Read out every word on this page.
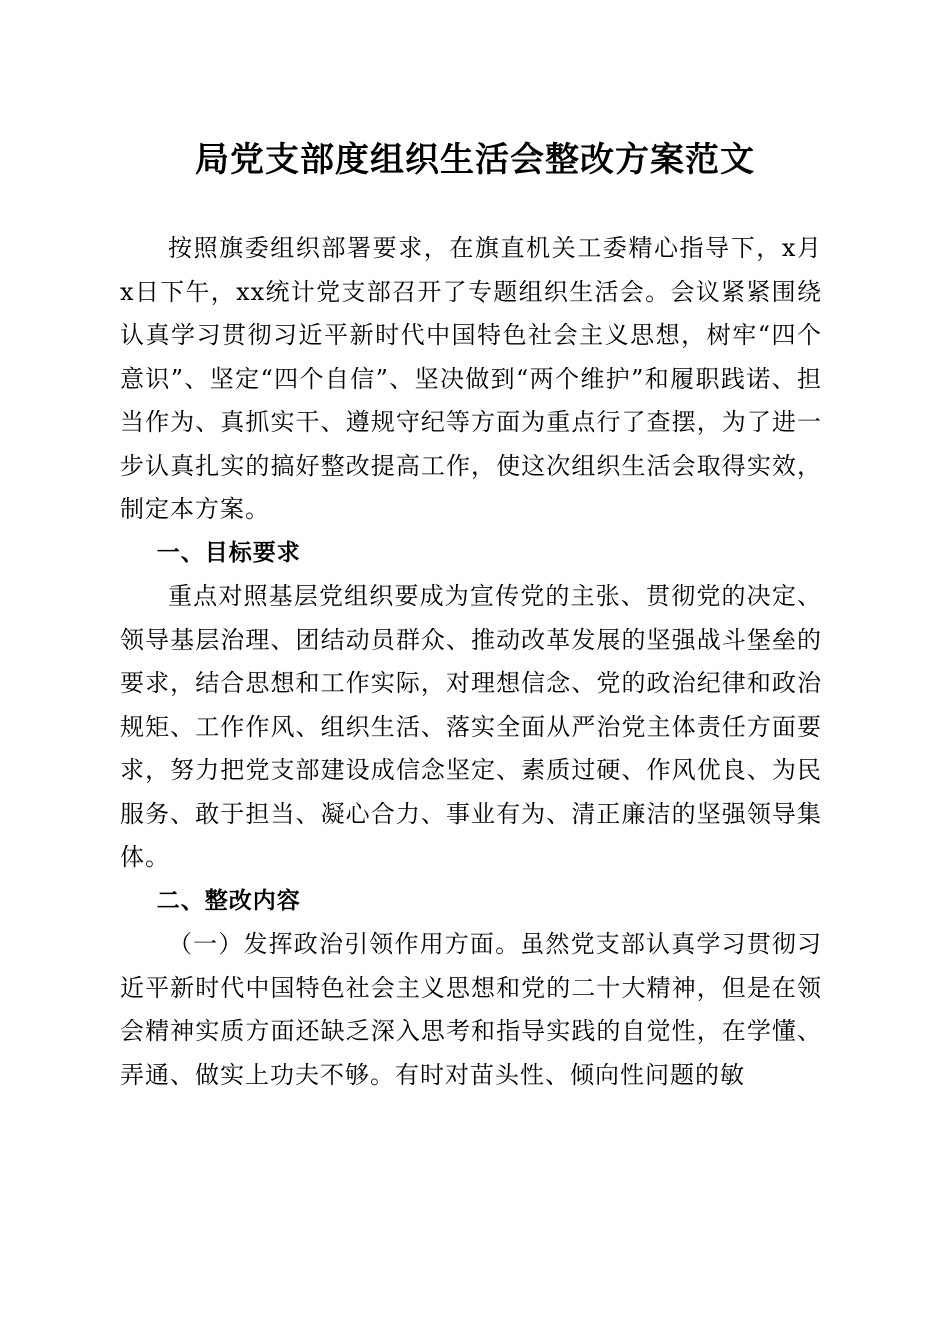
局党支部度组织生活会整改方案范文

按照旗委组织部署要求，在旗直机关工委精心指导下，x月x日下午，xx统计党支部召开了专题组织生活会。会议紧紧围绕认真学习贯彻习近平新时代中国特色社会主义思想，树牢“四个意识”、坚定“四个自信”、坚决做到“两个维护”和履职践诺、担当作为、真抓实干、遵规守纪等方面为重点行了查摆，为了进一步认真扎实的搞好整改提高工作，使这次组织生活会取得实效，制定本方案。

一、目标要求

重点对照基层党组织要成为宣传党的主张、贯彻党的决定、领导基层治理、团结动员群众、推动改革发展的坚强战斗堡垒的要求，结合思想和工作实际，对理想信念、党的政治纪律和政治规矩、工作作风、组织生活、落实全面从严治党主体责任方面要求，努力把党支部建设成信念坚定、素质过硬、作风优良、为民服务、敢于担当、凝心合力、事业有为、清正廉洁的坚强领导集体。

二、整改内容

（一）发挥政治引领作用方面。虽然党支部认真学习贯彻习近平新时代中国特色社会主义思想和党的二十大精神，但是在领会精神实质方面还缺乏深入思考和指导实践的自觉性，在学懂、弄通、做实上功夫不够。有时对苗头性、倾向性问题的敏
